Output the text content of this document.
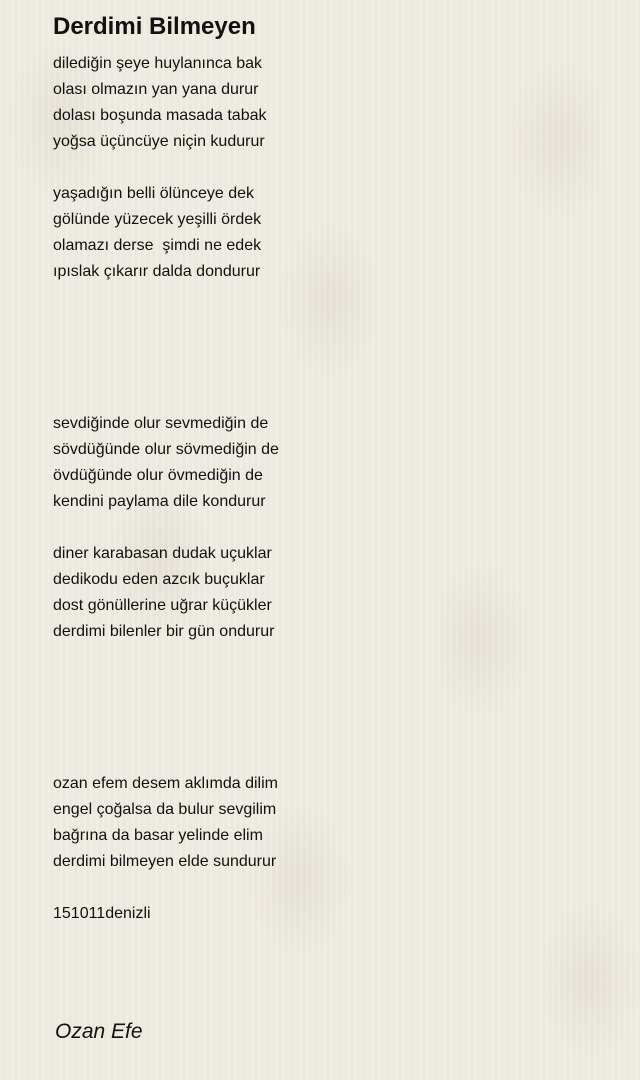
Derdimi Bilmeyen
dilediğin şeye huylanınca bak
olası olmazın yan yana durur
dolası boşunda masada tabak
yoğsa üçüncüye niçin kudurur
yaşadığın belli ölünceye dek
gölünde yüzecek yeşilli ördek
olamazı derse  şimdi ne edek
ıpıslak çıkarır dalda dondurur
sevdiğinde olur sevmediğin de
sövdüğünde olur sövmediğin de
övdüğünde olur övmediğin de
kendini paylama dile kondurur
diner karabasan dudak uçuklar
dedikodu eden azcık buçuklar
dost gönüllerine uğrar küçükler
derdimi bilenler bir gün ondurur
ozan efem desem aklımda dilim
engel çoğalsa da bulur sevgilim
bağrına da basar yelinde elim
derdimi bilmeyen elde sundurur

151011denizli

Ozan Efe
